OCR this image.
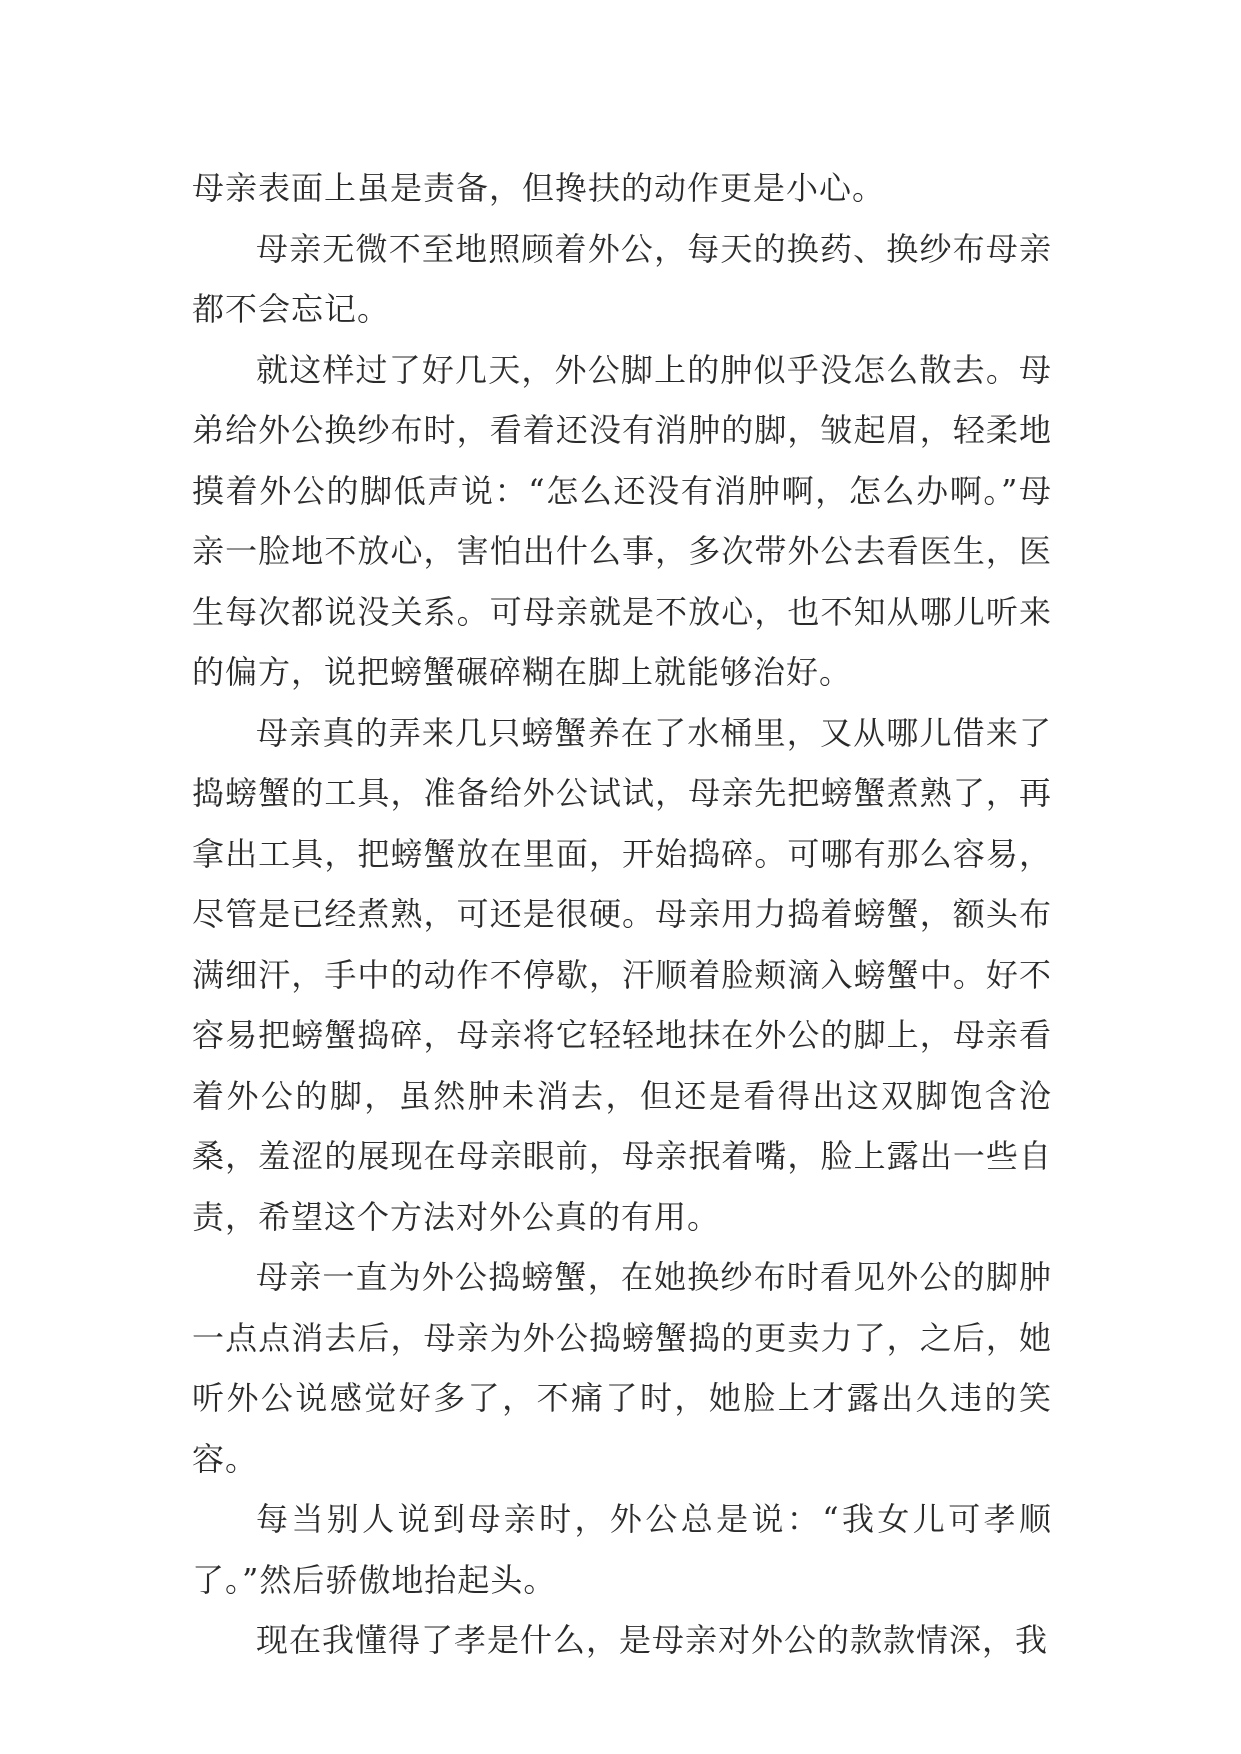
母亲表面上虽是责备，但搀扶的动作更是小心。

母亲无微不至地照顾着外公，每天的换药、换纱布母亲都不会忘记。

就这样过了好几天，外公脚上的肿似乎没怎么散去。母弟给外公换纱布时，看着还没有消肿的脚，皱起眉，轻柔地摸着外公的脚低声说：“怎么还没有消肿啊，怎么办啊。”母亲一脸地不放心，害怕出什么事，多次带外公去看医生，医生每次都说没关系。可母亲就是不放心，也不知从哪儿听来的偏方，说把螃蟹碾碎糊在脚上就能够治好。

母亲真的弄来几只螃蟹养在了水桶里，又从哪儿借来了捣螃蟹的工具，准备给外公试试，母亲先把螃蟹煮熟了，再拿出工具，把螃蟹放在里面，开始捣碎。可哪有那么容易，尽管是已经煮熟，可还是很硬。母亲用力捣着螃蟹，额头布满细汗，手中的动作不停歇，汗顺着脸颊滴入螃蟹中。好不容易把螃蟹捣碎，母亲将它轻轻地抹在外公的脚上，母亲看着外公的脚，虽然肿未消去，但还是看得出这双脚饱含沧桑，羞涩的展现在母亲眼前，母亲抿着嘴，脸上露出一些自责，希望这个方法对外公真的有用。

母亲一直为外公捣螃蟹，在她换纱布时看见外公的脚肿一点点消去后，母亲为外公捣螃蟹捣的更卖力了，之后，她听外公说感觉好多了，不痛了时，她脸上才露出久违的笑容。

每当别人说到母亲时，外公总是说：“我女儿可孝顺了。”然后骄傲地抬起头。

现在我懂得了孝是什么，是母亲对外公的款款情深，我
